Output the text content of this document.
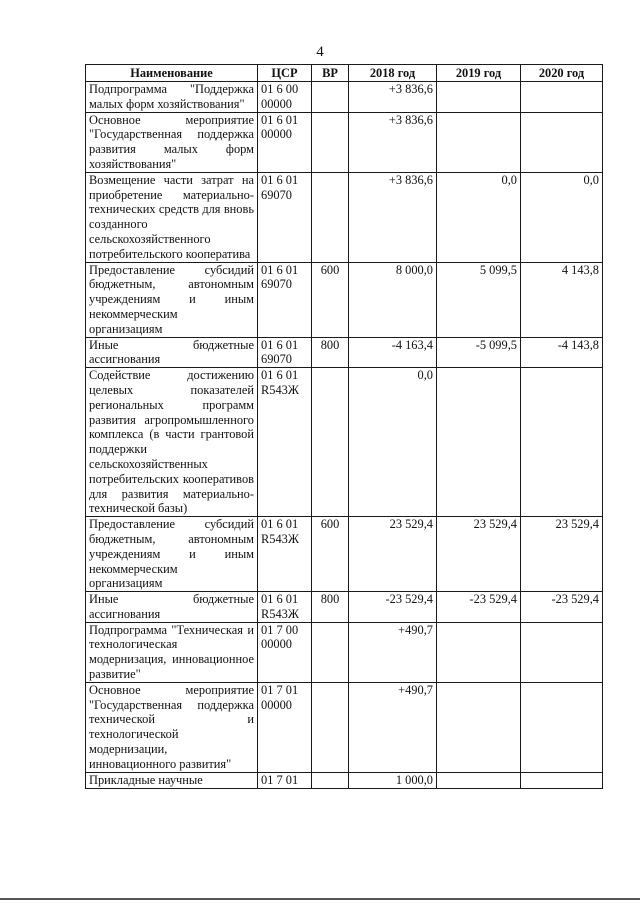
4
Наименование	ЦСР	ВР	2018 год	2019 год	2020 год
Подпрограмма "Поддержка малых форм хозяйствования"	01 6 00 00000		+3 836,6		
Основное мероприятие "Государственная поддержка развития малых форм хозяйствования"	01 6 01 00000		+3 836,6		
Возмещение части затрат на приобретение материально-технических средств для вновь созданного сельскохозяйственного потребительского кооператива	01 6 01 69070		+3 836,6	0,0	0,0
Предоставление субсидий бюджетным, автономным учреждениям и иным некоммерческим организациям	01 6 01 69070	600	8 000,0	5 099,5	4 143,8
Иные бюджетные ассигнования	01 6 01 69070	800	-4 163,4	-5 099,5	-4 143,8
Содействие достижению целевых показателей региональных программ развития агропромышленного комплекса (в части грантовой поддержки сельскохозяйственных потребительских кооперативов для развития материально-технической базы)	01 6 01 R543Ж		0,0		
Предоставление субсидий бюджетным, автономным учреждениям и иным некоммерческим организациям	01 6 01 R543Ж	600	23 529,4	23 529,4	23 529,4
Иные бюджетные ассигнования	01 6 01 R543Ж	800	-23 529,4	-23 529,4	-23 529,4
Подпрограмма "Техническая и технологическая модернизация, инновационное развитие"	01 7 00 00000		+490,7		
Основное мероприятие "Государственная поддержка технической и технологической модернизации, инновационного развития"	01 7 01 00000		+490,7		
Прикладные научные	01 7 01		1 000,0		
